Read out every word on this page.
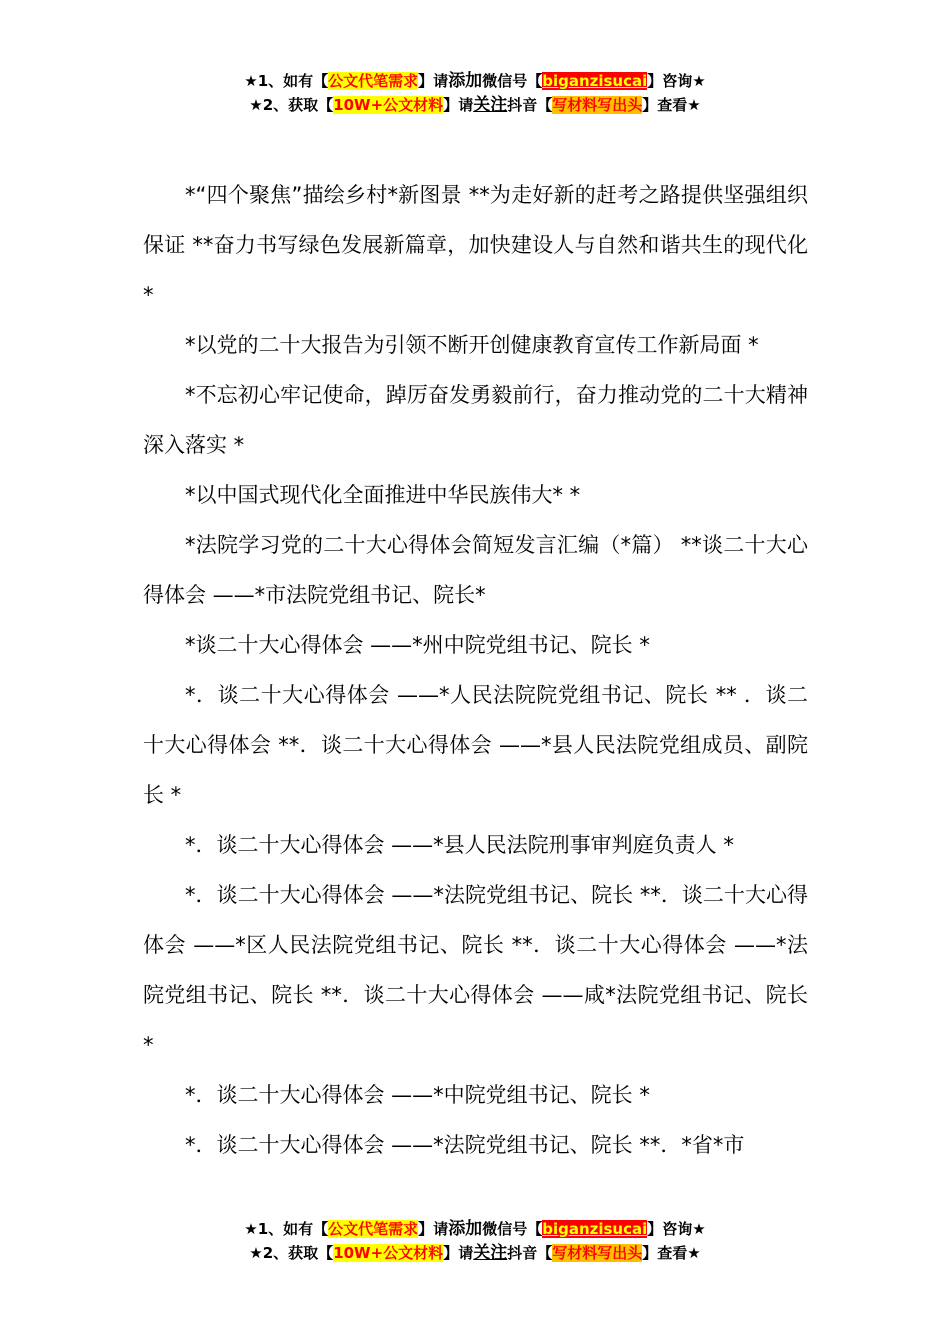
★1、如有【公文代笔需求】请添加微信号【biganzisucai】咨询★
★2、获取【10W+公文材料】请关注抖音【写材料写出头】查看★

*“四个聚焦”描绘乡村*新图景 **为走好新的赶考之路提供坚强组织保证 **奋力书写绿色发展新篇章，加快建设人与自然和谐共生的现代化 *

*以党的二十大报告为引领不断开创健康教育宣传工作新局面 *

*不忘初心牢记使命，踔厉奋发勇毅前行，奋力推动党的二十大精神深入落实 *

*以中国式现代化全面推进中华民族伟大* *

*法院学习党的二十大心得体会简短发言汇编（*篇） **谈二十大心得体会 ——*市法院党组书记、院长*

*谈二十大心得体会 ——*州中院党组书记、院长 *

*．谈二十大心得体会 ——*人民法院院党组书记、院长 ** ．谈二十大心得体会 **．谈二十大心得体会 ——*县人民法院党组成员、副院长 *

*．谈二十大心得体会 ——*县人民法院刑事审判庭负责人 *

*．谈二十大心得体会 ——*法院党组书记、院长 **．谈二十大心得体会 ——*区人民法院党组书记、院长 **．谈二十大心得体会 ——*法院党组书记、院长 **．谈二十大心得体会 ——咸*法院党组书记、院长 *

*．谈二十大心得体会 ——*中院党组书记、院长 *

*．谈二十大心得体会 ——*法院党组书记、院长 **．*省*市

★1、如有【公文代笔需求】请添加微信号【biganzisucai】咨询★
★2、获取【10W+公文材料】请关注抖音【写材料写出头】查看★
